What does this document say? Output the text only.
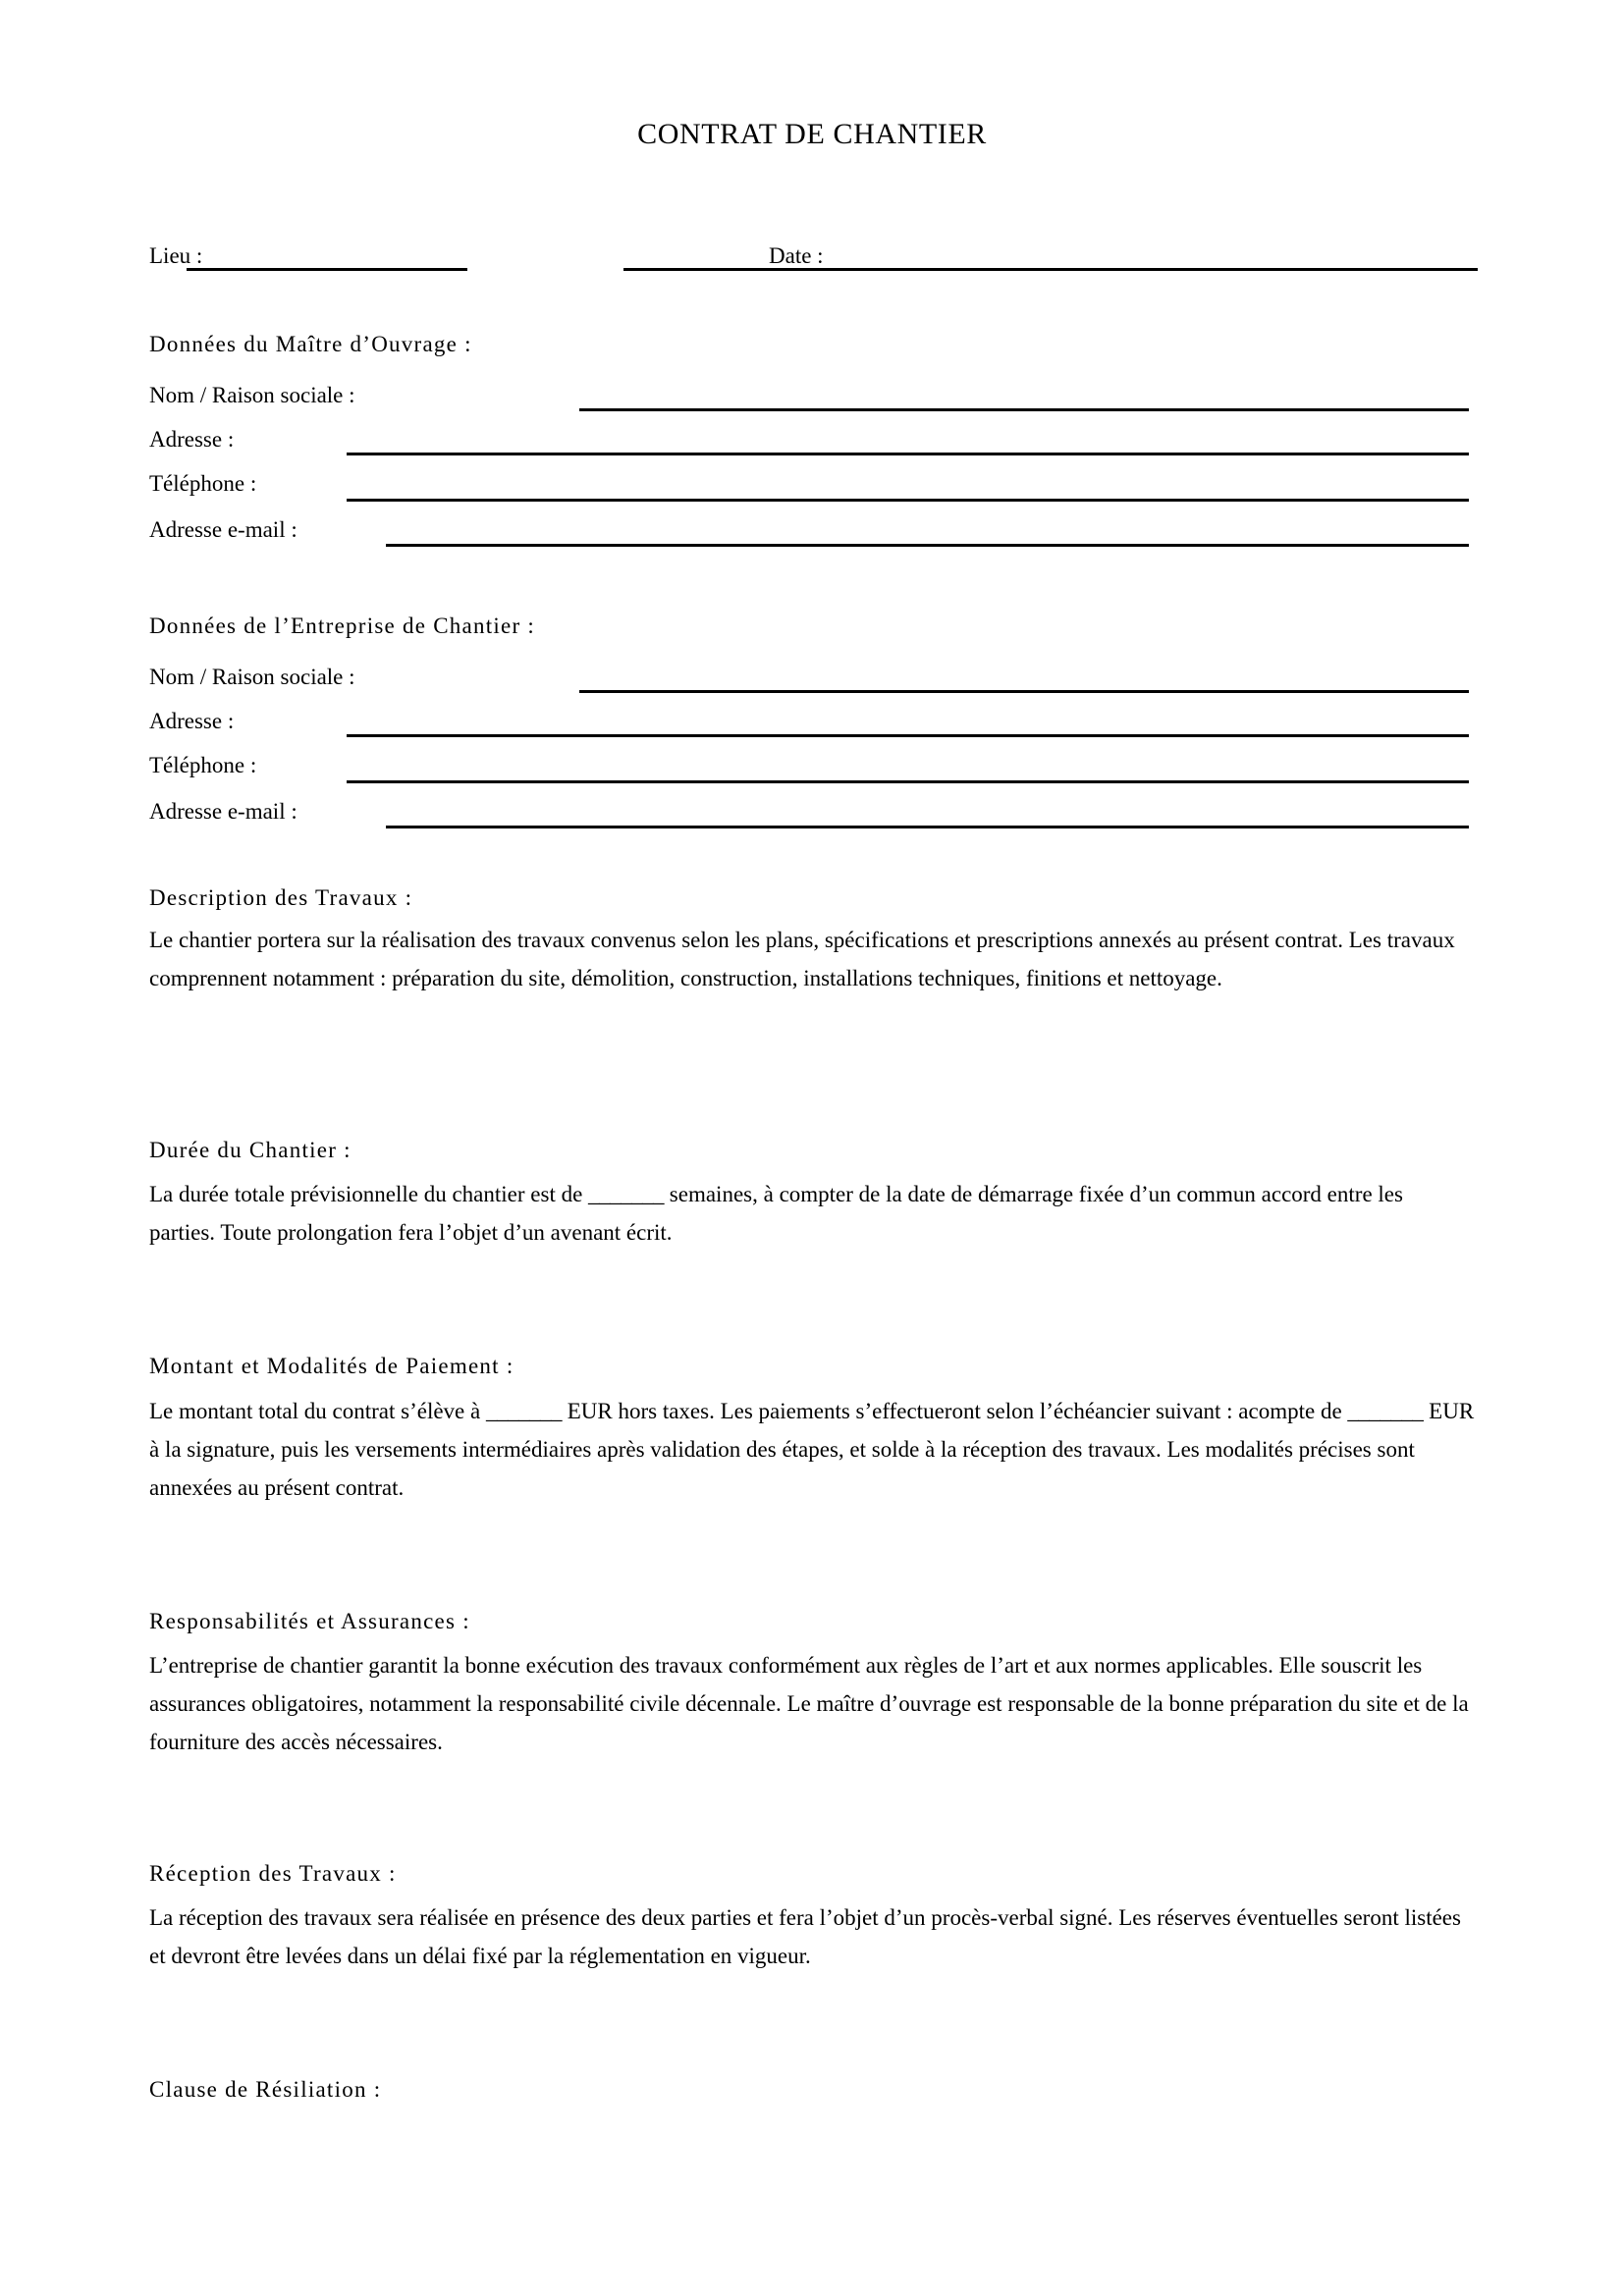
CONTRAT DE CHANTIER
Lieu :	Date :
Données du Maître d’Ouvrage :
Nom / Raison sociale :
Adresse :
Téléphone :
Adresse e-mail :
Données de l’Entreprise de Chantier :
Nom / Raison sociale :
Adresse :
Téléphone :
Adresse e-mail :
Description des Travaux :
Le chantier portera sur la réalisation des travaux convenus selon les plans, spécifications et prescriptions annexés au présent contrat. Les travaux comprennent notamment : préparation du site, démolition, construction, installations techniques, finitions et nettoyage.
Durée du Chantier :
La durée totale prévisionnelle du chantier est de _______ semaines, à compter de la date de démarrage fixée d’un commun accord entre les parties. Toute prolongation fera l’objet d’un avenant écrit.
Montant et Modalités de Paiement :
Le montant total du contrat s’élève à _______ EUR hors taxes. Les paiements s’effectueront selon l’échéancier suivant : acompte de _______ EUR à la signature, puis les versements intermédiaires après validation des étapes, et solde à la réception des travaux. Les modalités précises sont annexées au présent contrat.
Responsabilités et Assurances :
L’entreprise de chantier garantit la bonne exécution des travaux conformément aux règles de l’art et aux normes applicables. Elle souscrit les assurances obligatoires, notamment la responsabilité civile décennale. Le maître d’ouvrage est responsable de la bonne préparation du site et de la fourniture des accès nécessaires.
Réception des Travaux :
La réception des travaux sera réalisée en présence des deux parties et fera l’objet d’un procès-verbal signé. Les réserves éventuelles seront listées et devront être levées dans un délai fixé par la réglementation en vigueur.
Clause de Résiliation :
